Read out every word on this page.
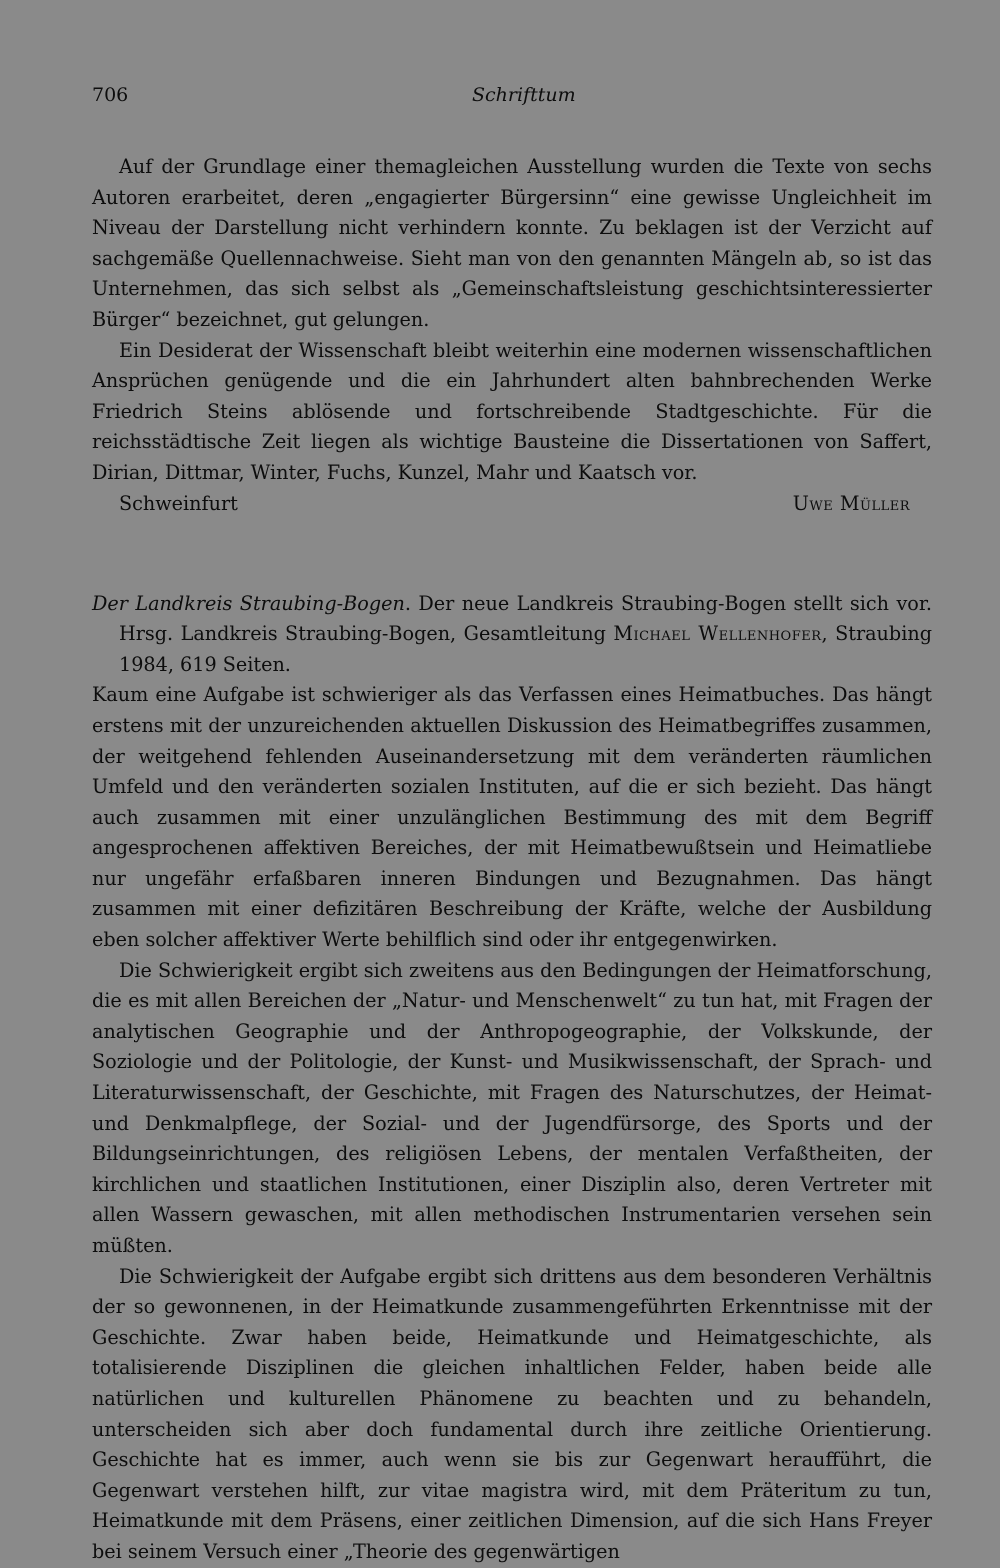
706	Schrifttum

Auf der Grundlage einer themagleichen Ausstellung wurden die Texte von sechs Autoren erarbeitet, deren „engagierter Bürgersinn“ eine gewisse Ungleichheit im Niveau der Darstellung nicht verhindern konnte. Zu beklagen ist der Verzicht auf sachgemäße Quellennachweise. Sieht man von den genannten Mängeln ab, so ist das Unternehmen, das sich selbst als „Gemeinschaftsleistung geschichtsinteressierter Bürger“ bezeichnet, gut gelungen.

Ein Desiderat der Wissenschaft bleibt weiterhin eine modernen wissenschaftlichen Ansprüchen genügende und die ein Jahrhundert alten bahnbrechenden Werke Friedrich Steins ablösende und fortschreibende Stadtgeschichte. Für die reichsstädtische Zeit liegen als wichtige Bausteine die Dissertationen von Saffert, Dirian, Dittmar, Winter, Fuchs, Kunzel, Mahr und Kaatsch vor.

Schweinfurt	Uwe Müller
Der Landkreis Straubing-Bogen. Der neue Landkreis Straubing-Bogen stellt sich vor. Hrsg. Landkreis Straubing-Bogen, Gesamtleitung Michael Wellenhofer, Straubing 1984, 619 Seiten.

Kaum eine Aufgabe ist schwieriger als das Verfassen eines Heimatbuches. Das hängt erstens mit der unzureichenden aktuellen Diskussion des Heimatbegriffes zusammen, der weitgehend fehlenden Auseinandersetzung mit dem veränderten räumlichen Umfeld und den veränderten sozialen Instituten, auf die er sich bezieht. Das hängt auch zusammen mit einer unzulänglichen Bestimmung des mit dem Begriff angesprochenen affektiven Bereiches, der mit Heimatbewußtsein und Heimatliebe nur ungefähr erfaßbaren inneren Bindungen und Bezugnahmen. Das hängt zusammen mit einer defizitären Beschreibung der Kräfte, welche der Ausbildung eben solcher affektiver Werte behilflich sind oder ihr entgegenwirken.

Die Schwierigkeit ergibt sich zweitens aus den Bedingungen der Heimatforschung, die es mit allen Bereichen der „Natur- und Menschenwelt“ zu tun hat, mit Fragen der analytischen Geographie und der Anthropogeographie, der Volkskunde, der Soziologie und der Politologie, der Kunst- und Musikwissenschaft, der Sprach- und Literaturwissenschaft, der Geschichte, mit Fragen des Naturschutzes, der Heimat- und Denkmalpflege, der Sozial- und der Jugendfürsorge, des Sports und der Bildungseinrichtungen, des religiösen Lebens, der mentalen Verfaßtheiten, der kirchlichen und staatlichen Institutionen, einer Disziplin also, deren Vertreter mit allen Wassern gewaschen, mit allen methodischen Instrumentarien versehen sein müßten.

Die Schwierigkeit der Aufgabe ergibt sich drittens aus dem besonderen Verhältnis der so gewonnenen, in der Heimatkunde zusammengeführten Erkenntnisse mit der Geschichte. Zwar haben beide, Heimatkunde und Heimatgeschichte, als totalisierende Disziplinen die gleichen inhaltlichen Felder, haben beide alle natürlichen und kulturellen Phänomene zu beachten und zu behandeln, unterscheiden sich aber doch fundamental durch ihre zeitliche Orientierung. Geschichte hat es immer, auch wenn sie bis zur Gegenwart heraufführt, die Gegenwart verstehen hilft, zur vitae magistra wird, mit dem Präteritum zu tun, Heimatkunde mit dem Präsens, einer zeitlichen Dimension, auf die sich Hans Freyer bei seinem Versuch einer „Theorie des gegenwärtigen
